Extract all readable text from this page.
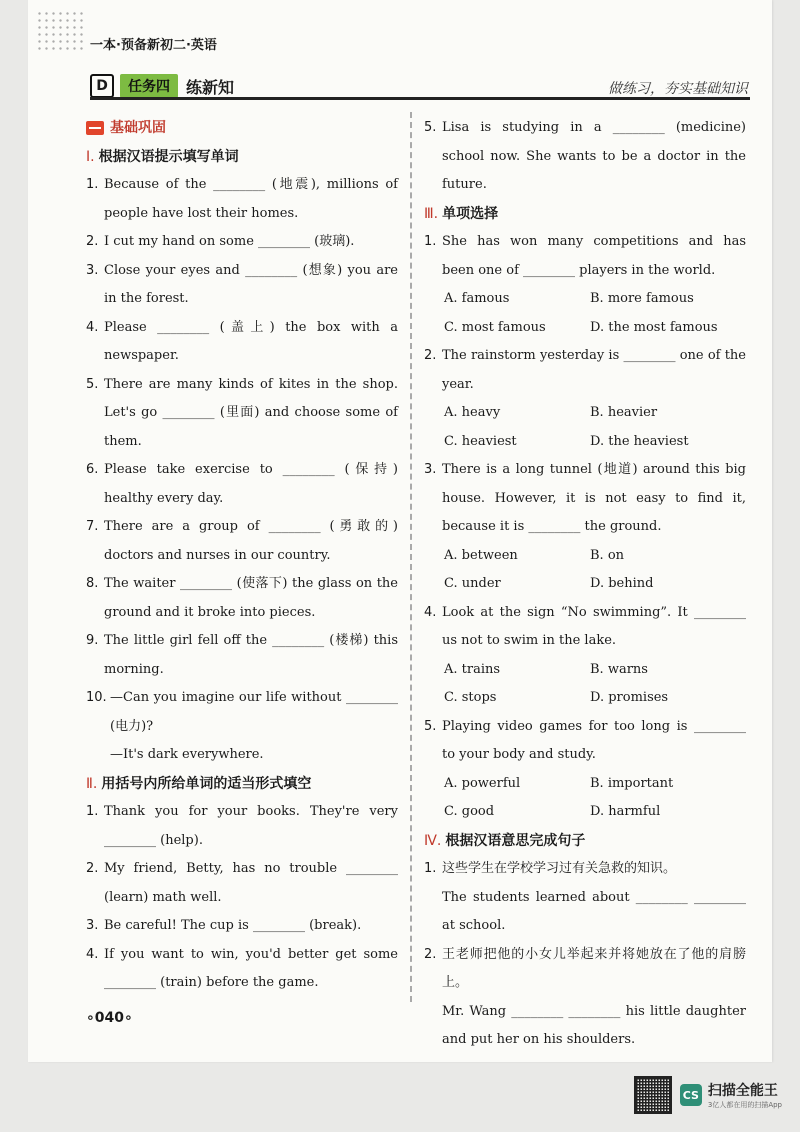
一本·预备新初二·英语
D	任务四	练新知	做练习，夯实基础知识
基础巩固
Ⅰ. 根据汉语提示填写单词
1. Because of the ________ (地震), millions of people have lost their homes.
2. I cut my hand on some ________ (玻璃).
3. Close your eyes and ________ (想象) you are in the forest.
4. Please ________ (盖上) the box with a newspaper.
5. There are many kinds of kites in the shop. Let's go ________ (里面) and choose some of them.
6. Please take exercise to ________ (保持) healthy every day.
7. There are a group of ________ (勇敢的) doctors and nurses in our country.
8. The waiter ________ (使落下) the glass on the ground and it broke into pieces.
9. The little girl fell off the ________ (楼梯) this morning.
10. —Can you imagine our life without ________ (电力)?
—It's dark everywhere.
Ⅱ. 用括号内所给单词的适当形式填空
1. Thank you for your books. They're very ________ (help).
2. My friend, Betty, has no trouble ________ (learn) math well.
3. Be careful! The cup is ________ (break).
4. If you want to win, you'd better get some ________ (train) before the game.
5. Lisa is studying in a ________ (medicine) school now. She wants to be a doctor in the future.
Ⅲ. 单项选择
1. She has won many competitions and has been one of ________ players in the world.
A. famous	B. more famous
C. most famous	D. the most famous
2. The rainstorm yesterday is ________ one of the year.
A. heavy	B. heavier
C. heaviest	D. the heaviest
3. There is a long tunnel (地道) around this big house. However, it is not easy to find it, because it is ________ the ground.
A. between	B. on
C. under	D. behind
4. Look at the sign “No swimming”. It ________ us not to swim in the lake.
A. trains	B. warns
C. stops	D. promises
5. Playing video games for too long is ________ to your body and study.
A. powerful	B. important
C. good	D. harmful
Ⅳ. 根据汉语意思完成句子
1. 这些学生在学校学习过有关急救的知识。
The students learned about ________ ________ at school.
2. 王老师把他的小女儿举起来并将她放在了他的肩膀上。
Mr. Wang ________ ________ his little daughter and put her on his shoulders.
∘040∘
CS 扫描全能王
3亿人都在用的扫描App
